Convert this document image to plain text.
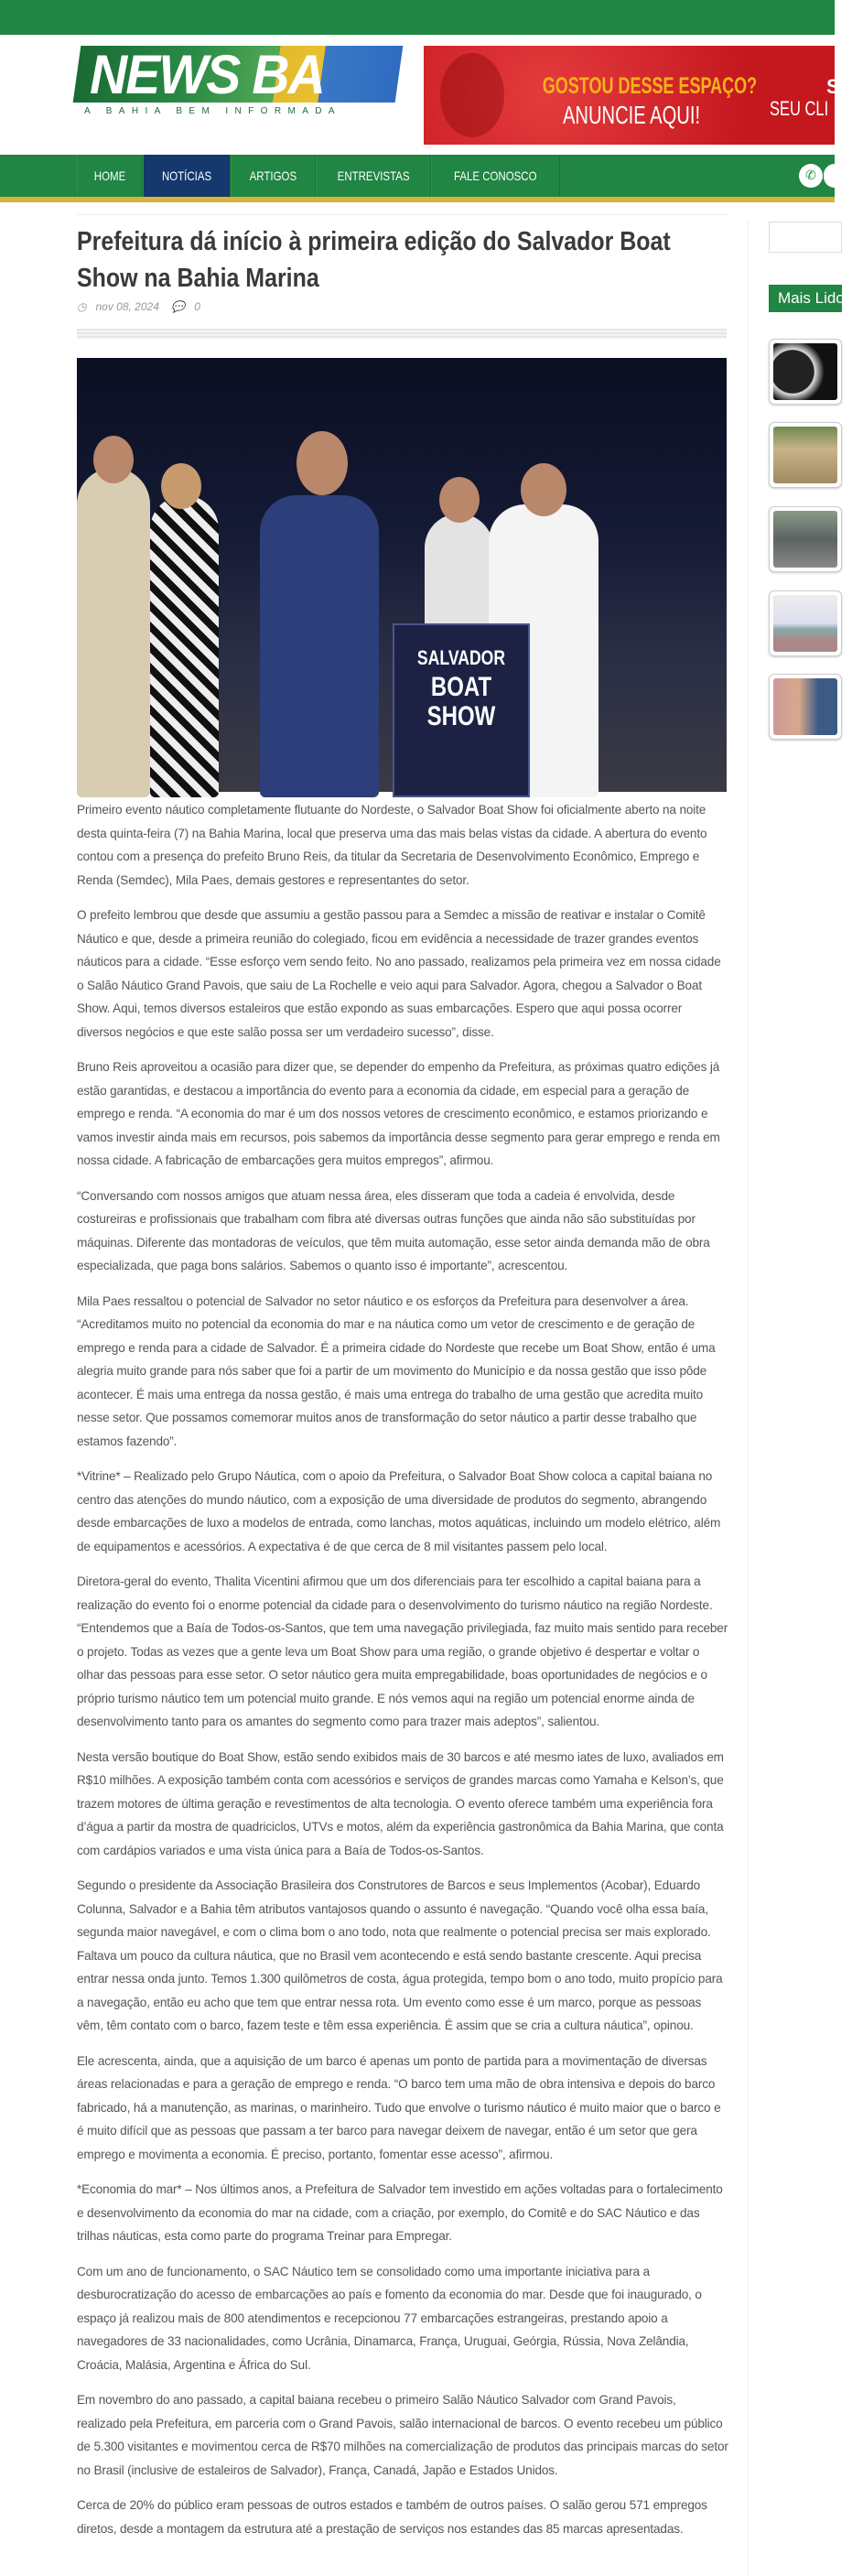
NEWS BA
A BAHIA BEM INFORMADA
GOSTOU DESSE ESPAÇO?
ANUNCIE AQUI!
S
SEU CLI
HOME	NOTÍCIAS	ARTIGOS	ENTREVISTAS	FALE CONOSCO	✆
Prefeitura dá início à primeira edição do Salvador Boat Show na Bahia Marina
◷ nov 08, 2024 💬 0
SALVADOR
BOAT
SHOW

Primeiro evento náutico completamente flutuante do Nordeste, o Salvador Boat Show foi oficialmente aberto na noite desta quinta-feira (7) na Bahia Marina, local que preserva uma das mais belas vistas da cidade. A abertura do evento contou com a presença do prefeito Bruno Reis, da titular da Secretaria de Desenvolvimento Econômico, Emprego e Renda (Semdec), Mila Paes, demais gestores e representantes do setor.

O prefeito lembrou que desde que assumiu a gestão passou para a Semdec a missão de reativar e instalar o Comitê Náutico e que, desde a primeira reunião do colegiado, ficou em evidência a necessidade de trazer grandes eventos náuticos para a cidade. “Esse esforço vem sendo feito. No ano passado, realizamos pela primeira vez em nossa cidade o Salão Náutico Grand Pavois, que saiu de La Rochelle e veio aqui para Salvador. Agora, chegou a Salvador o Boat Show. Aqui, temos diversos estaleiros que estão expondo as suas embarcações. Espero que aqui possa ocorrer diversos negócios e que este salão possa ser um verdadeiro sucesso”, disse.

Bruno Reis aproveitou a ocasião para dizer que, se depender do empenho da Prefeitura, as próximas quatro edições já estão garantidas, e destacou a importância do evento para a economia da cidade, em especial para a geração de emprego e renda. “A economia do mar é um dos nossos vetores de crescimento econômico, e estamos priorizando e vamos investir ainda mais em recursos, pois sabemos da importância desse segmento para gerar emprego e renda em nossa cidade. A fabricação de embarcações gera muitos empregos”, afirmou.

“Conversando com nossos amigos que atuam nessa área, eles disseram que toda a cadeia é envolvida, desde costureiras e profissionais que trabalham com fibra até diversas outras funções que ainda não são substituídas por máquinas. Diferente das montadoras de veículos, que têm muita automação, esse setor ainda demanda mão de obra especializada, que paga bons salários. Sabemos o quanto isso é importante”, acrescentou.

Mila Paes ressaltou o potencial de Salvador no setor náutico e os esforços da Prefeitura para desenvolver a área. “Acreditamos muito no potencial da economia do mar e na náutica como um vetor de crescimento e de geração de emprego e renda para a cidade de Salvador. É a primeira cidade do Nordeste que recebe um Boat Show, então é uma alegria muito grande para nós saber que foi a partir de um movimento do Município e da nossa gestão que isso pôde acontecer. É mais uma entrega da nossa gestão, é mais uma entrega do trabalho de uma gestão que acredita muito nesse setor. Que possamos comemorar muitos anos de transformação do setor náutico a partir desse trabalho que estamos fazendo”.

*Vitrine* – Realizado pelo Grupo Náutica, com o apoio da Prefeitura, o Salvador Boat Show coloca a capital baiana no centro das atenções do mundo náutico, com a exposição de uma diversidade de produtos do segmento, abrangendo desde embarcações de luxo a modelos de entrada, como lanchas, motos aquáticas, incluindo um modelo elétrico, além de equipamentos e acessórios. A expectativa é de que cerca de 8 mil visitantes passem pelo local.

Diretora-geral do evento, Thalita Vicentini afirmou que um dos diferenciais para ter escolhido a capital baiana para a realização do evento foi o enorme potencial da cidade para o desenvolvimento do turismo náutico na região Nordeste. “Entendemos que a Baía de Todos-os-Santos, que tem uma navegação privilegiada, faz muito mais sentido para receber o projeto. Todas as vezes que a gente leva um Boat Show para uma região, o grande objetivo é despertar e voltar o olhar das pessoas para esse setor. O setor náutico gera muita empregabilidade, boas oportunidades de negócios e o próprio turismo náutico tem um potencial muito grande. E nós vemos aqui na região um potencial enorme ainda de desenvolvimento tanto para os amantes do segmento como para trazer mais adeptos”, salientou.

Nesta versão boutique do Boat Show, estão sendo exibidos mais de 30 barcos e até mesmo iates de luxo, avaliados em R$10 milhões. A exposição também conta com acessórios e serviços de grandes marcas como Yamaha e Kelson’s, que trazem motores de última geração e revestimentos de alta tecnologia. O evento oferece também uma experiência fora d’água a partir da mostra de quadriciclos, UTVs e motos, além da experiência gastronômica da Bahia Marina, que conta com cardápios variados e uma vista única para a Baía de Todos-os-Santos.

Segundo o presidente da Associação Brasileira dos Construtores de Barcos e seus Implementos (Acobar), Eduardo Colunna, Salvador e a Bahia têm atributos vantajosos quando o assunto é navegação. “Quando você olha essa baía, segunda maior navegável, e com o clima bom o ano todo, nota que realmente o potencial precisa ser mais explorado. Faltava um pouco da cultura náutica, que no Brasil vem acontecendo e está sendo bastante crescente. Aqui precisa entrar nessa onda junto. Temos 1.300 quilômetros de costa, água protegida, tempo bom o ano todo, muito propício para a navegação, então eu acho que tem que entrar nessa rota. Um evento como esse é um marco, porque as pessoas vêm, têm contato com o barco, fazem teste e têm essa experiência. É assim que se cria a cultura náutica”, opinou.

Ele acrescenta, ainda, que a aquisição de um barco é apenas um ponto de partida para a movimentação de diversas áreas relacionadas e para a geração de emprego e renda. “O barco tem uma mão de obra intensiva e depois do barco fabricado, há a manutenção, as marinas, o marinheiro. Tudo que envolve o turismo náutico é muito maior que o barco e é muito difícil que as pessoas que passam a ter barco para navegar deixem de navegar, então é um setor que gera emprego e movimenta a economia. É preciso, portanto, fomentar esse acesso”, afirmou.

*Economia do mar* – Nos últimos anos, a Prefeitura de Salvador tem investido em ações voltadas para o fortalecimento e desenvolvimento da economia do mar na cidade, com a criação, por exemplo, do Comitê e do SAC Náutico e das trilhas náuticas, esta como parte do programa Treinar para Empregar.

Com um ano de funcionamento, o SAC Náutico tem se consolidado como uma importante iniciativa para a desburocratização do acesso de embarcações ao país e fomento da economia do mar. Desde que foi inaugurado, o espaço já realizou mais de 800 atendimentos e recepcionou 77 embarcações estrangeiras, prestando apoio a navegadores de 33 nacionalidades, como Ucrânia, Dinamarca, França, Uruguai, Geórgia, Rússia, Nova Zelândia, Croácia, Malásia, Argentina e África do Sul.

Em novembro do ano passado, a capital baiana recebeu o primeiro Salão Náutico Salvador com Grand Pavois, realizado pela Prefeitura, em parceria com o Grand Pavois, salão internacional de barcos. O evento recebeu um público de 5.300 visitantes e movimentou cerca de R$70 milhões na comercialização de produtos das principais marcas do setor no Brasil (inclusive de estaleiros de Salvador), França, Canadá, Japão e Estados Unidos.

Cerca de 20% do público eram pessoas de outros estados e também de outros países. O salão gerou 571 empregos diretos, desde a montagem da estrutura até a prestação de serviços nos estandes das 85 marcas apresentadas.

Mais Lidos
